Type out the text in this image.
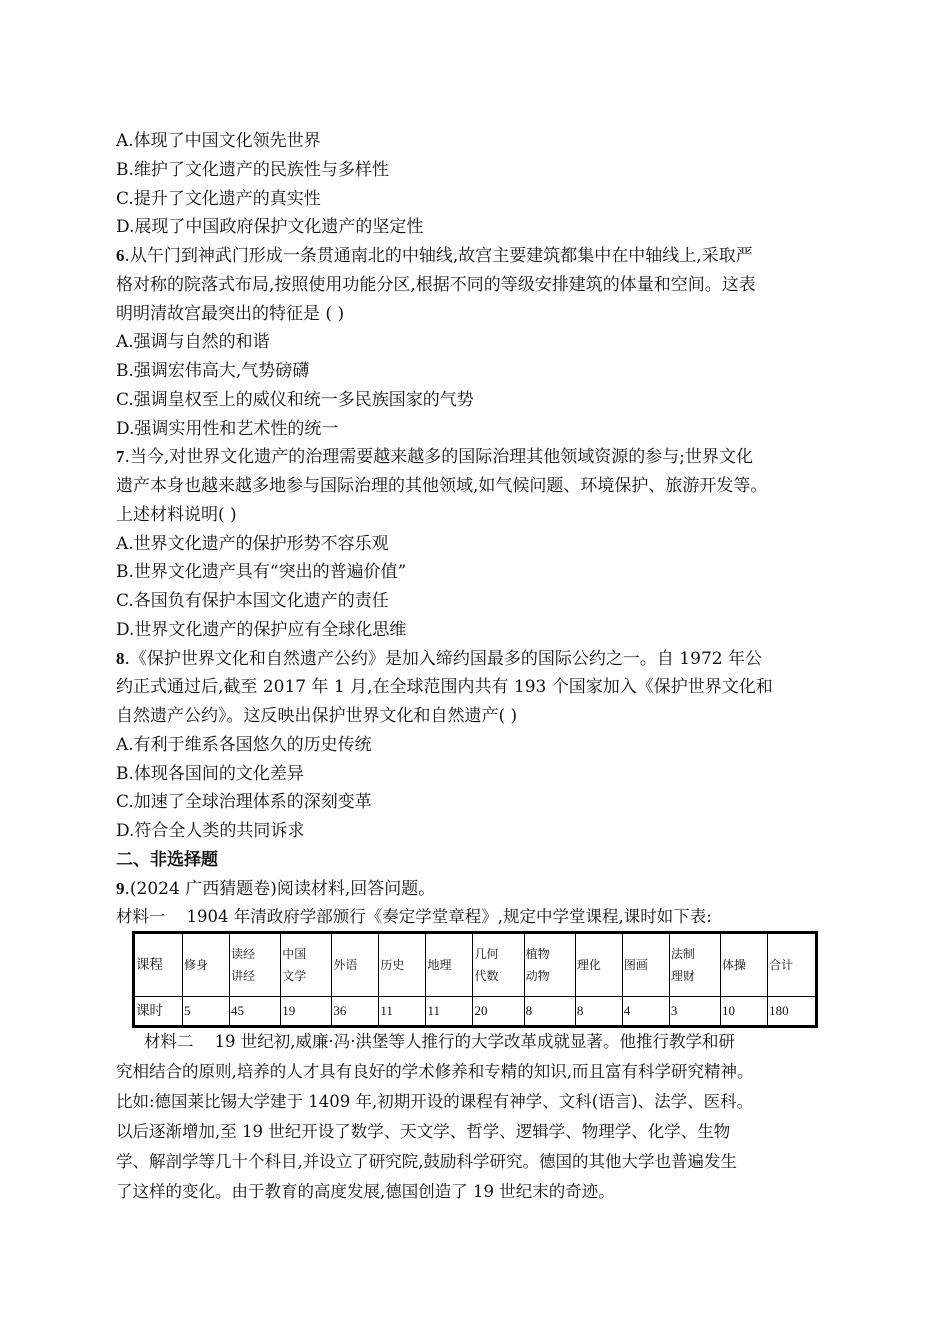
A.体现了中国文化领先世界
B.维护了文化遗产的民族性与多样性
C.提升了文化遗产的真实性
D.展现了中国政府保护文化遗产的坚定性
6.从午门到神武门形成一条贯通南北的中轴线,故宫主要建筑都集中在中轴线上,采取严
格对称的院落式布局,按照使用功能分区,根据不同的等级安排建筑的体量和空间。这表
明明清故宫最突出的特征是 ( )
A.强调与自然的和谐
B.强调宏伟高大,气势磅礴
C.强调皇权至上的威仪和统一多民族国家的气势
D.强调实用性和艺术性的统一
7.当今,对世界文化遗产的治理需要越来越多的国际治理其他领域资源的参与;世界文化
遗产本身也越来越多地参与国际治理的其他领域,如气候问题、环境保护、旅游开发等。
上述材料说明( )
A.世界文化遗产的保护形势不容乐观
B.世界文化遗产具有“突出的普遍价值”
C.各国负有保护本国文化遗产的责任
D.世界文化遗产的保护应有全球化思维
8.《保护世界文化和自然遗产公约》是加入缔约国最多的国际公约之一。自 1972 年公
约正式通过后,截至 2017 年 1 月,在全球范围内共有 193 个国家加入《保护世界文化和
自然遗产公约》。这反映出保护世界文化和自然遗产( )
A.有利于维系各国悠久的历史传统
B.体现各国间的文化差异
C.加速了全球治理体系的深刻变革
D.符合全人类的共同诉求
二、非选择题
9.(2024 广西猜题卷)阅读材料,回答问题。
材料一 1904 年清政府学部颁行《奏定学堂章程》,规定中学堂课程,课时如下表:
课程	修身	读经讲经	中国文学	外语	历史	地理	几何代数	植物动物	理化	图画	法制理财	体操	合计

课时	5	45	19	36	11	11	20	8	8	4	3	10	180
材料二 19 世纪初,威廉·冯·洪堡等人推行的大学改革成就显著。他推行教学和研
究相结合的原则,培养的人才具有良好的学术修养和专精的知识,而且富有科学研究精神。
比如:德国莱比锡大学建于 1409 年,初期开设的课程有神学、文科(语言)、法学、医科。
以后逐渐增加,至 19 世纪开设了数学、天文学、哲学、逻辑学、物理学、化学、生物
学、解剖学等几十个科目,并设立了研究院,鼓励科学研究。德国的其他大学也普遍发生
了这样的变化。由于教育的高度发展,德国创造了 19 世纪末的奇迹。
